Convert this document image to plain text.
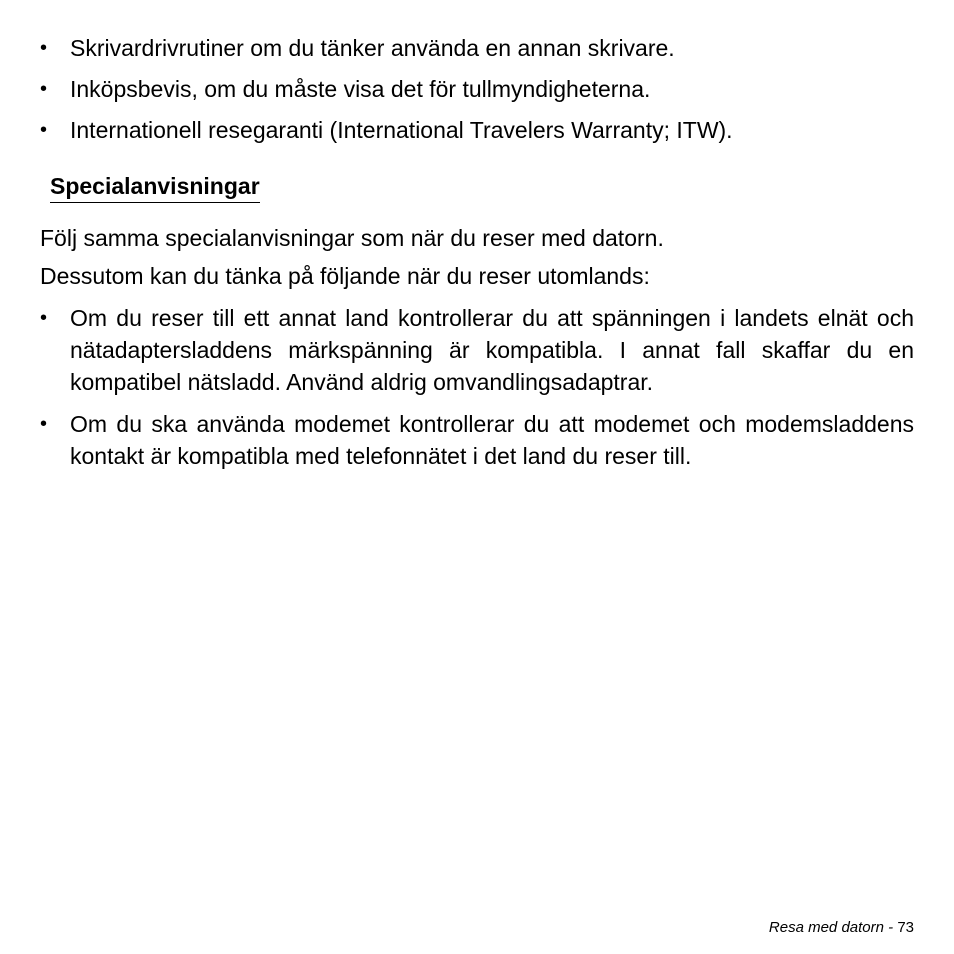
• Skrivardrivrutiner om du tänker använda en annan skrivare.
• Inköpsbevis, om du måste visa det för tullmyndigheterna.
• Internationell resegaranti (International Travelers Warranty; ITW).
Specialanvisningar

Följ samma specialanvisningar som när du reser med datorn.

Dessutom kan du tänka på följande när du reser utomlands:

• Om du reser till ett annat land kontrollerar du att spänningen i landets elnät och nätadaptersladdens märkspänning är kompatibla. I annat fall skaffar du en kompatibel nätsladd. Använd aldrig omvandlingsadaptrar.
• Om du ska använda modemet kontrollerar du att modemet och modemsladdens kontakt är kompatibla med telefonnätet i det land du reser till.
Resa med datorn - 73
